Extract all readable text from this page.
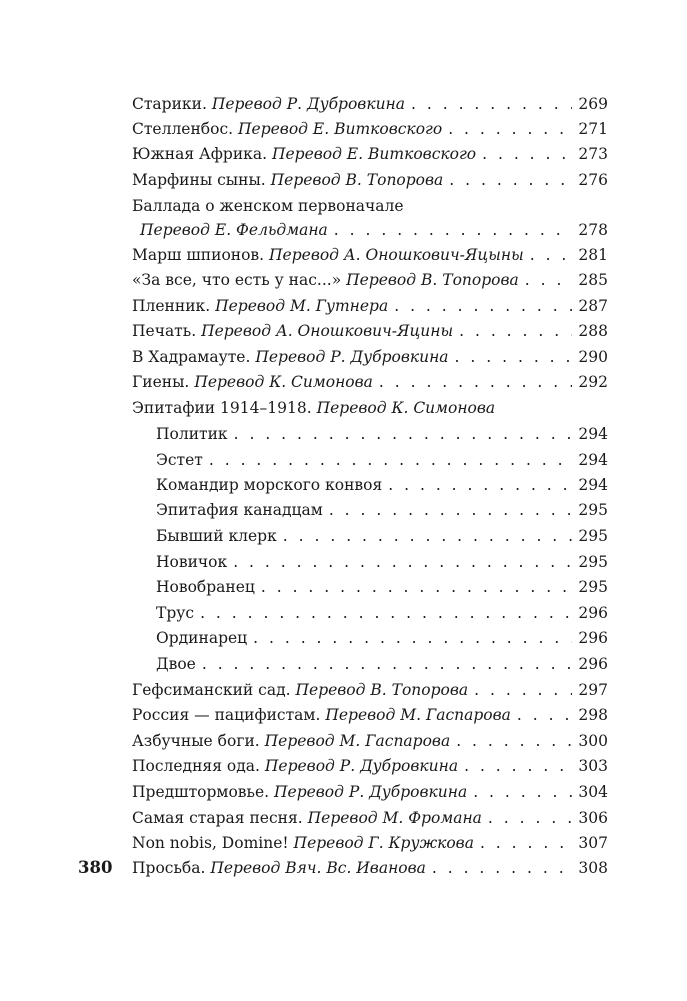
Старики. Перевод Р. Дубровкина . . .	269
Стелленбос. Перевод Е. Витковского . . .	271
Южная Африка. Перевод Е. Витковского . . .	273
Марфины сыны. Перевод В. Топорова . . .	276
Баллада о женском первоначале
Перевод Е. Фельдмана . . .	278
Марш шпионов. Перевод А. Оношкович-Яцыны . . .	281
«За все, что есть у нас...» Перевод В. Топорова . . .	285
Пленник. Перевод М. Гутнера . . .	287
Печать. Перевод А. Оношкович-Яцины . . .	288
В Хадрамауте. Перевод Р. Дубровкина . . .	290
Гиены. Перевод К. Симонова . . .	292
Эпитафии 1914–1918. Перевод К. Симонова
Политик . . .	294
Эстет . . .	294
Командир морского конвоя . . .	294
Эпитафия канадцам . . .	295
Бывший клерк . . .	295
Новичок . . .	295
Новобранец . . .	295
Трус . . .	296
Ординарец . . .	296
Двое . . .	296
Гефсиманский сад. Перевод В. Топорова . . .	297
Россия — пацифистам. Перевод М. Гаспарова . . .	298
Азбучные боги. Перевод М. Гаспарова . . .	300
Последняя ода. Перевод Р. Дубровкина . . .	303
Предштормовье. Перевод Р. Дубровкина . . .	304
Самая старая песня. Перевод М. Фромана . . .	306
Non nobis, Domine! Перевод Г. Кружкова . . .	307
Просьба. Перевод Вяч. Вс. Иванова . . .	308
380
